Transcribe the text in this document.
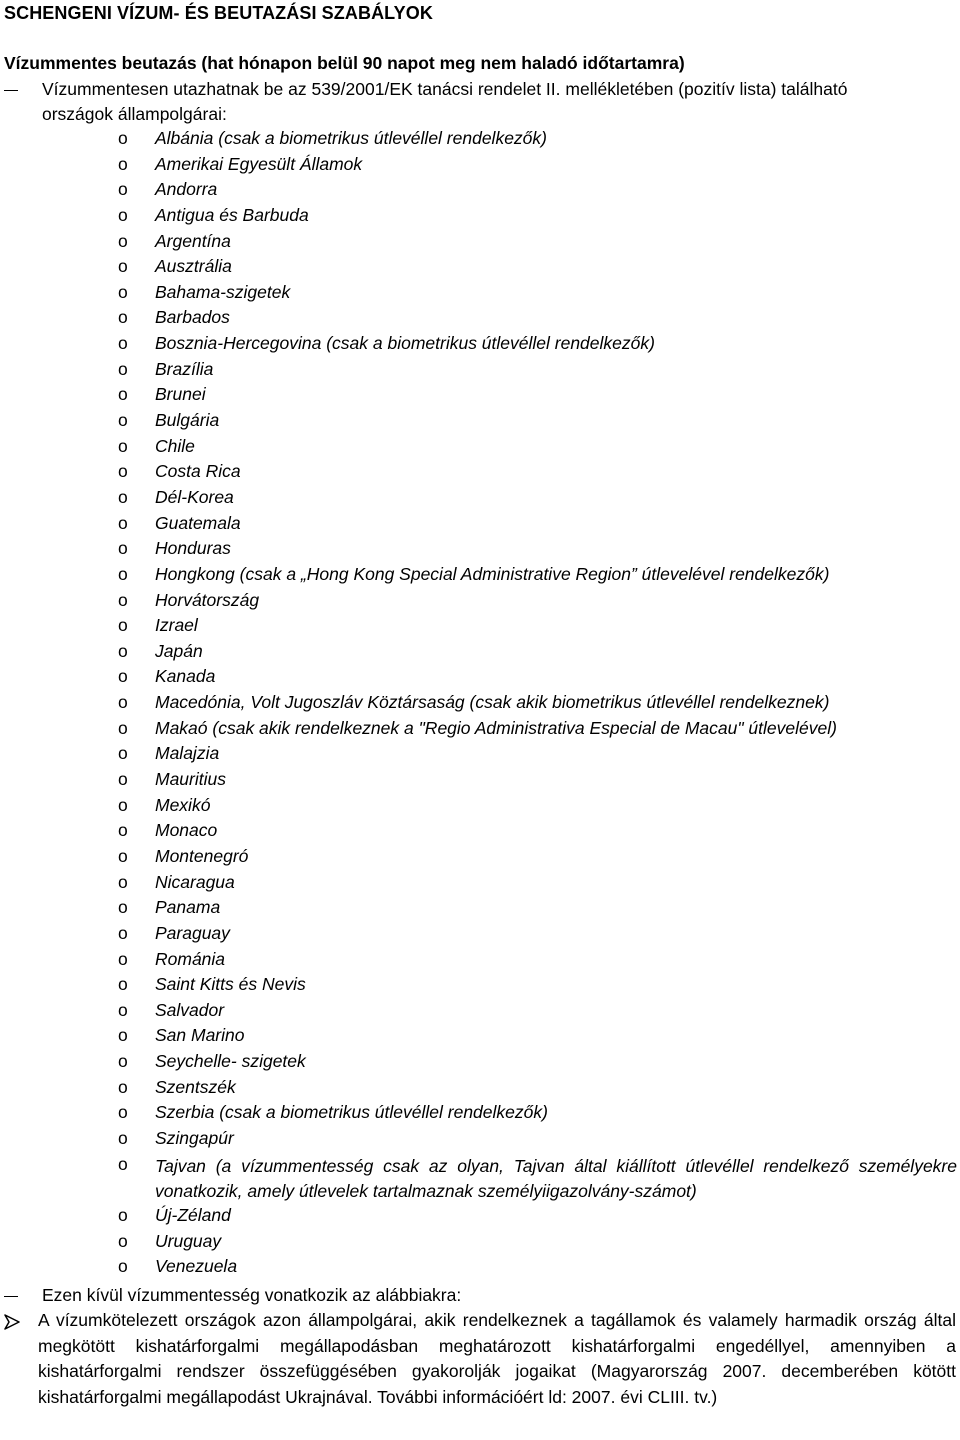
SCHENGENI VÍZUM- ÉS BEUTAZÁSI SZABÁLYOK
Vízummentes beutazás (hat hónapon belül 90 napot meg nem haladó időtartamra)
Vízummentesen utazhatnak be az 539/2001/EK tanácsi rendelet II. mellékletében (pozitív lista) található
országok állampolgárai:
o Albánia (csak a biometrikus útlevéllel rendelkezők)
o Amerikai Egyesült Államok
o Andorra
o Antigua és Barbuda
o Argentína
o Ausztrália
o Bahama-szigetek
o Barbados
o Bosznia-Hercegovina (csak a biometrikus útlevéllel rendelkezők)
o Brazília
o Brunei
o Bulgária
o Chile
o Costa Rica
o Dél-Korea
o Guatemala
o Honduras
o Hongkong (csak a „Hong Kong Special Administrative Region” útlevelével rendelkezők)
o Horvátország
o Izrael
o Japán
o Kanada
o Macedónia, Volt Jugoszláv Köztársaság (csak akik biometrikus útlevéllel rendelkeznek)
o Makaó (csak akik rendelkeznek a "Regio Administrativa Especial de Macau" útlevelével)
o Malajzia
o Mauritius
o Mexikó
o Monaco
o Montenegró
o Nicaragua
o Panama
o Paraguay
o Románia
o Saint Kitts és Nevis
o Salvador
o San Marino
o Seychelle- szigetek
o Szentszék
o Szerbia (csak a biometrikus útlevéllel rendelkezők)
o Szingapúr
o Tajvan (a vízummentesség csak az olyan, Tajvan által kiállított útlevéllel rendelkező személyekre vonatkozik, amely útlevelek tartalmaznak személyiigazolvány-számot)
o Új-Zéland
o Uruguay
o Venezuela
Ezen kívül vízummentesség vonatkozik az alábbiakra:
A vízumkötelezett országok azon állampolgárai, akik rendelkeznek a tagállamok és valamely harmadik ország által megkötött kishatárforgalmi megállapodásban meghatározott kishatárforgalmi engedéllyel, amennyiben a kishatárforgalmi rendszer összefüggésében gyakorolják jogaikat (Magyarország 2007. decemberében kötött kishatárforgalmi megállapodást Ukrajnával. További információért ld: 2007. évi CLIII. tv.)
